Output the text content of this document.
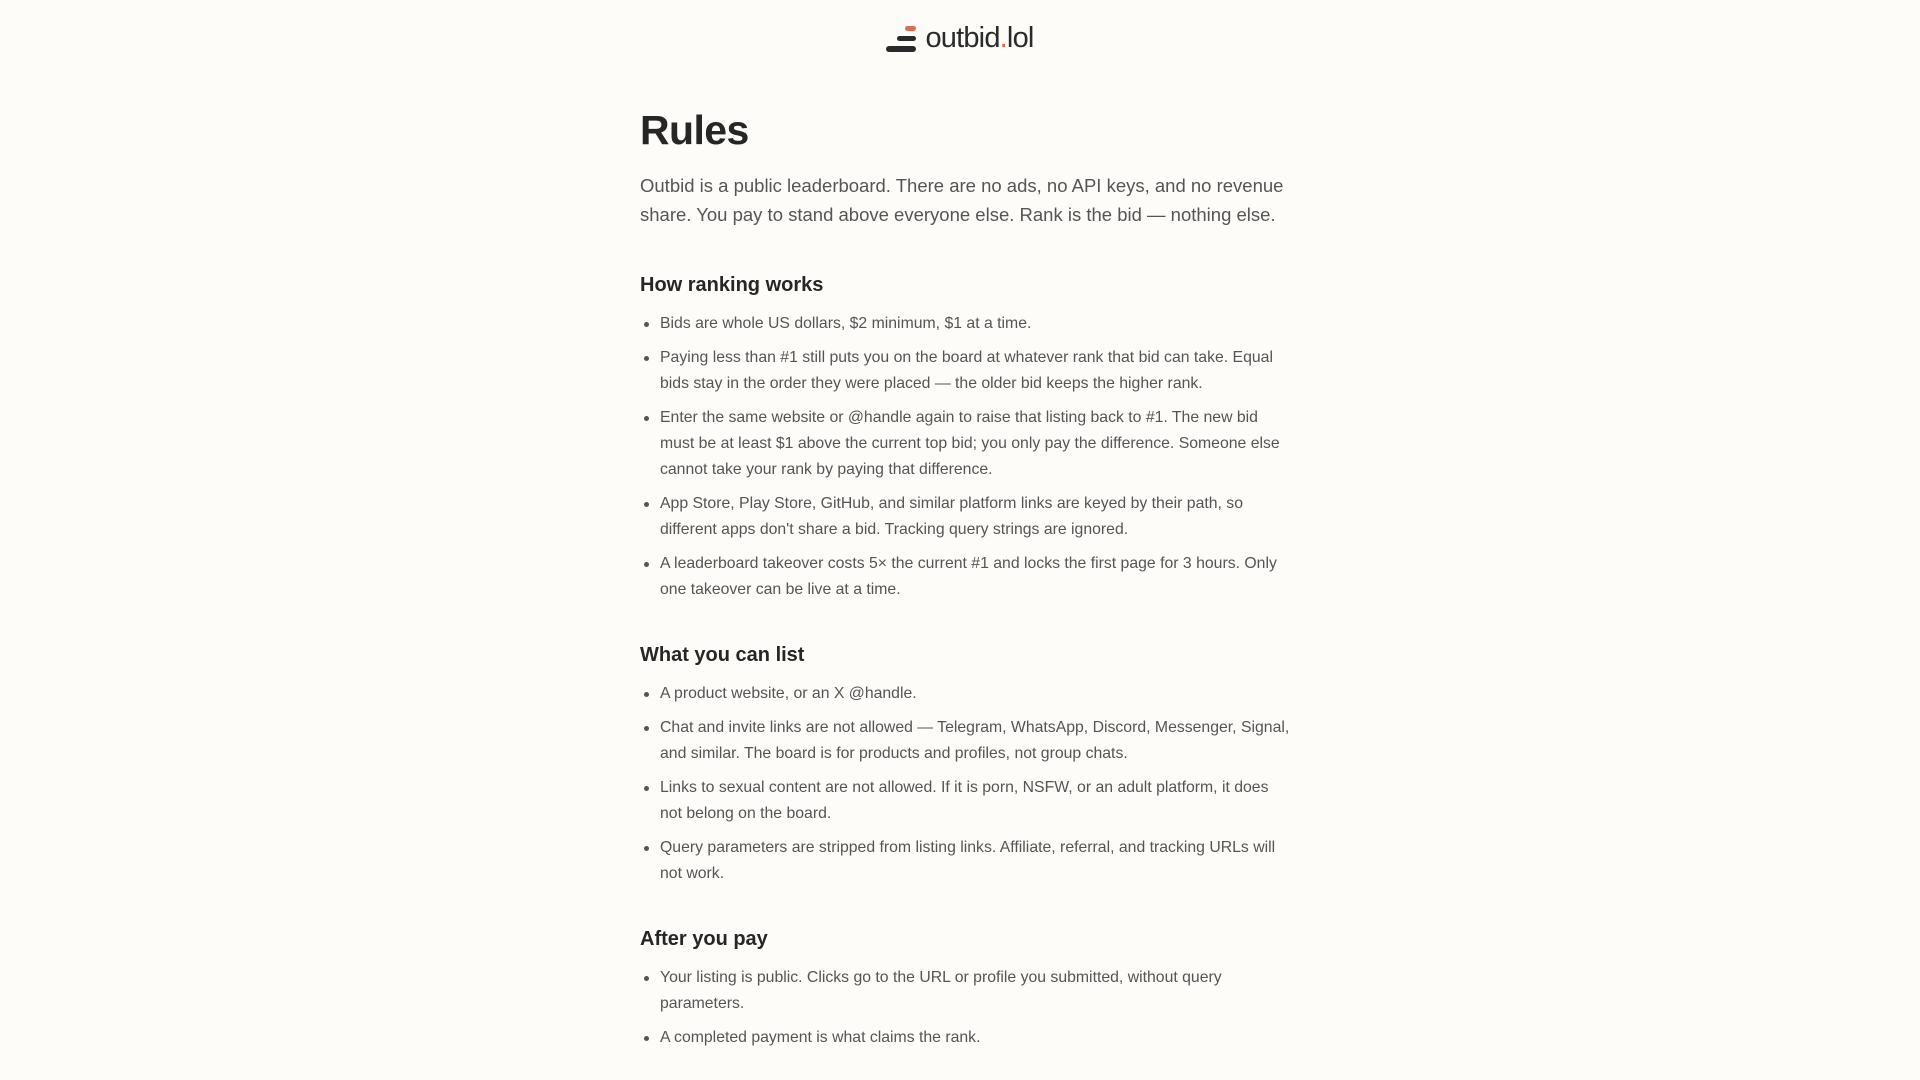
outbid.lol
Rules

Outbid is a public leaderboard. There are no ads, no API keys, and no revenue share. You pay to stand above everyone else. Rank is the bid — nothing else.

How ranking works
Bids are whole US dollars, $2 minimum, $1 at a time.
Paying less than #1 still puts you on the board at whatever rank that bid can take. Equal bids stay in the order they were placed — the older bid keeps the higher rank.
Enter the same website or @handle again to raise that listing back to #1. The new bid must be at least $1 above the current top bid; you only pay the difference. Someone else cannot take your rank by paying that difference.
App Store, Play Store, GitHub, and similar platform links are keyed by their path, so different apps don't share a bid. Tracking query strings are ignored.
A leaderboard takeover costs 5× the current #1 and locks the first page for 3 hours. Only one takeover can be live at a time.
What you can list
A product website, or an X @handle.
Chat and invite links are not allowed — Telegram, WhatsApp, Discord, Messenger, Signal, and similar. The board is for products and profiles, not group chats.
Links to sexual content are not allowed. If it is porn, NSFW, or an adult platform, it does not belong on the board.
Query parameters are stripped from listing links. Affiliate, referral, and tracking URLs will not work.
After you pay
Your listing is public. Clicks go to the URL or profile you submitted, without query parameters.
A completed payment is what claims the rank.
